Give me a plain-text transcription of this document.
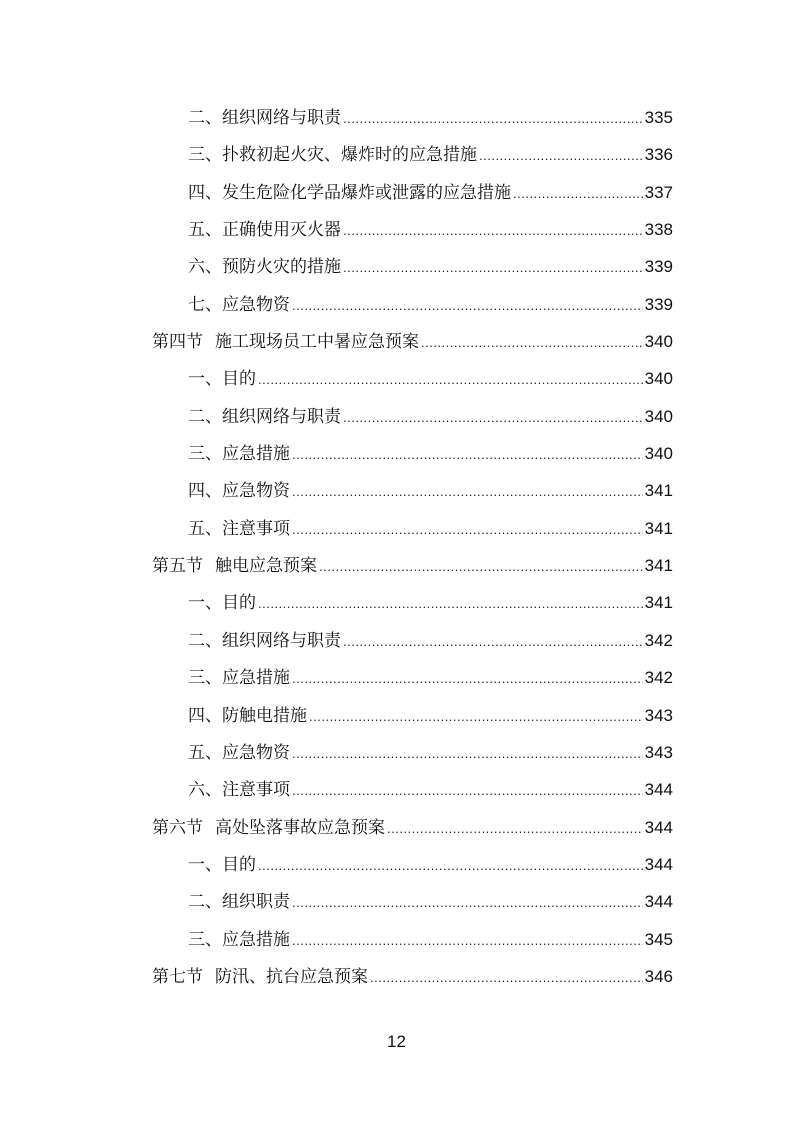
二、 组织网络与职责 .....	335
三、 扑救初起火灾、爆炸时的应急措施 .....	336
四、 发生危险化学品爆炸或泄露的应急措施 .....	337
五、 正确使用灭火器 .....	338
六、 预防火灾的措施 .....	339
七、 应急物资 .....	339
第四节 施工现场员工中暑应急预案 .....	340
一、 目的 .....	340
二、 组织网络与职责 .....	340
三、 应急措施 .....	340
四、 应急物资 .....	341
五、 注意事项 .....	341
第五节 触电应急预案 .....	341
一、 目的 .....	341
二、 组织网络与职责 .....	342
三、 应急措施 .....	342
四、 防触电措施 .....	343
五、 应急物资 .....	343
六、 注意事项 .....	344
第六节 高处坠落事故应急预案 .....	344
一、 目的 .....	344
二、 组织职责 .....	344
三、 应急措施 .....	345
第七节 防汛、抗台应急预案 .....	346
12
